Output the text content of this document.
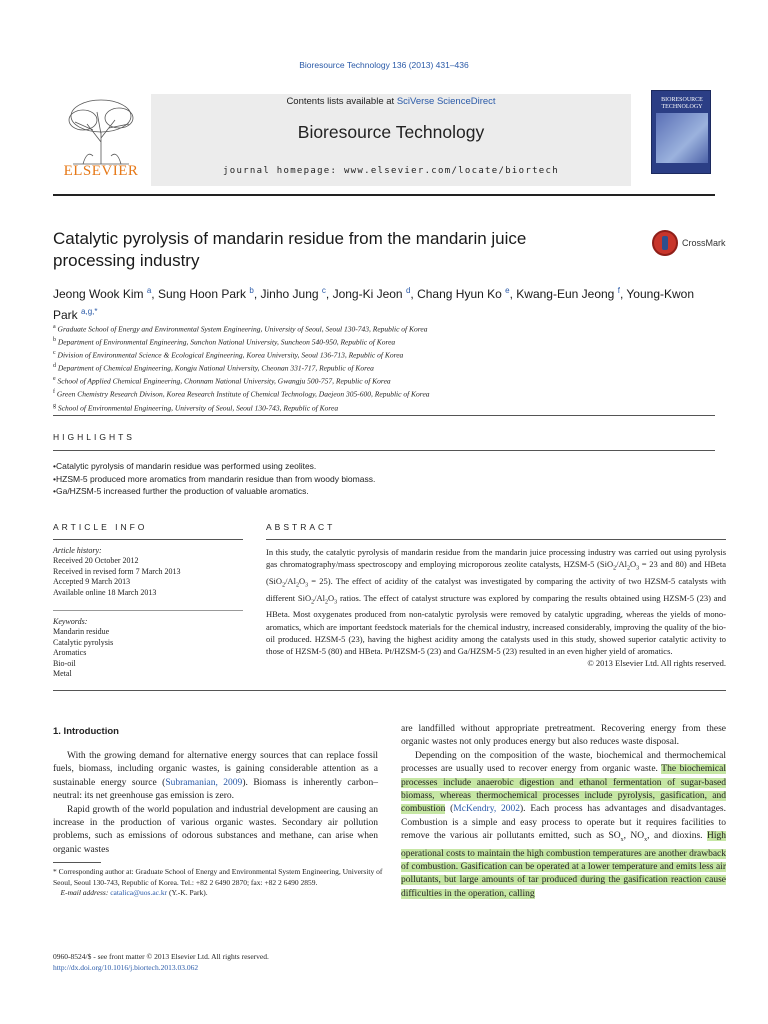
Bioresource Technology 136 (2013) 431–436
ELSEVIER
Contents lists available at SciVerse ScienceDirect
Bioresource Technology
journal homepage: www.elsevier.com/locate/biortech
BIORESOURCE TECHNOLOGY
Catalytic pyrolysis of mandarin residue from the mandarin juice processing industry
CrossMark
Jeong Wook Kim $^a$, Sung Hoon Park $^b$, Jinho Jung $^c$, Jong-Ki Jeon $^d$, Chang Hyun Ko $^e$, Kwang-Eun Jeong $^f$, Young-Kwon Park $^{a,g,*}$
$^a$ Graduate School of Energy and Environmental System Engineering, University of Seoul, Seoul 130-743, Republic of Korea
$^b$ Department of Environmental Engineering, Sunchon National University, Suncheon 540-950, Republic of Korea
$^c$ Division of Environmental Science & Ecological Engineering, Korea University, Seoul 136-713, Republic of Korea
$^d$ Department of Chemical Engineering, Kongju National University, Cheonan 331-717, Republic of Korea
$^e$ School of Applied Chemical Engineering, Chonnam National University, Gwangju 500-757, Republic of Korea
$^f$ Green Chemistry Research Divison, Korea Research Institute of Chemical Technology, Daejeon 305-600, Republic of Korea
$^g$ School of Environmental Engineering, University of Seoul, Seoul 130-743, Republic of Korea
HIGHLIGHTS
• Catalytic pyrolysis of mandarin residue was performed using zeolites.
• HZSM-5 produced more aromatics from mandarin residue than from woody biomass.
• Ga/HZSM-5 increased further the production of valuable aromatics.
ARTICLE INFO	ABSTRACT
Article history:
Received 20 October 2012
Received in revised form 7 March 2013
Accepted 9 March 2013
Available online 18 March 2013
Keywords:
Mandarin residue
Catalytic pyrolysis
Aromatics
Bio-oil
Metal

In this study, the catalytic pyrolysis of mandarin residue from the mandarin juice processing industry was carried out using pyrolysis gas chromatography/mass spectroscopy and employing microporous zeolite catalysts, HZSM-5 ($SiO_2/Al_2O_3 = 23$ and 80) and HBeta $(SiO_2/Al_2O_3 = 25)$. The effect of acidity of the catalyst was investigated by comparing the activity of two HZSM-5 catalysts with different $SiO_2/Al_2O_3$ ratios. The effect of catalyst structure was explored by comparing the results obtained using HZSM-5 (23) and HBeta. Most oxygenates produced from non-catalytic pyrolysis were removed by catalytic upgrading, whereas the yields of mono-aromatics, which are important feedstock materials for the chemical industry, increased considerably, improving the quality of the bio-oil produced. HZSM-5 (23), having the highest acidity among the catalysts used in this study, showed superior catalytic activity to those of HZSM-5 (80) and HBeta. Pt/HZSM-5 (23) and Ga/HZSM-5 (23) resulted in an even higher yield of aromatics.

© 2013 Elsevier Ltd. All rights reserved.

1. Introduction

With the growing demand for alternative energy sources that can replace fossil fuels, biomass, including organic wastes, is gaining considerable attention as a sustainable energy source (Subramanian, 2009). Biomass is inherently carbon–neutral: its net greenhouse gas emission is zero.

Rapid growth of the world population and industrial development are causing an increase in the production of various organic wastes. Secondary air pollution problems, such as emissions of odorous substances and methane, can arise when organic wastes

are landfilled without appropriate pretreatment. Recovering energy from these organic wastes not only produces energy but also reduces waste disposal.

Depending on the composition of the waste, biochemical and thermochemical processes are usually used to recover energy from organic waste. The biochemical processes include anaerobic digestion and ethanol fermentation of sugar-based biomass, whereas thermochemical processes include pyrolysis, gasification, and combustion (McKendry, 2002). Each process has advantages and disadvantages. Combustion is a simple and easy process to operate but it requires facilities to remove the various air pollutants emitted, such as $SO_x$, $NO_x$, and dioxins. High operational costs to maintain the high combustion temperatures are another drawback of combustion. Gasification can be operated at a lower temperature and emits less air pollutants, but large amounts of tar produced during the gasification reaction cause difficulties in the operation, calling

* Corresponding author at: Graduate School of Energy and Environmental System Engineering, University of Seoul, Seoul 130-743, Republic of Korea. Tel.: +82 2 6490 2870; fax: +82 2 6490 2859.
E-mail address: catalica@uos.ac.kr (Y.-K. Park).
0960-8524/$ - see front matter © 2013 Elsevier Ltd. All rights reserved.
http://dx.doi.org/10.1016/j.biortech.2013.03.062
